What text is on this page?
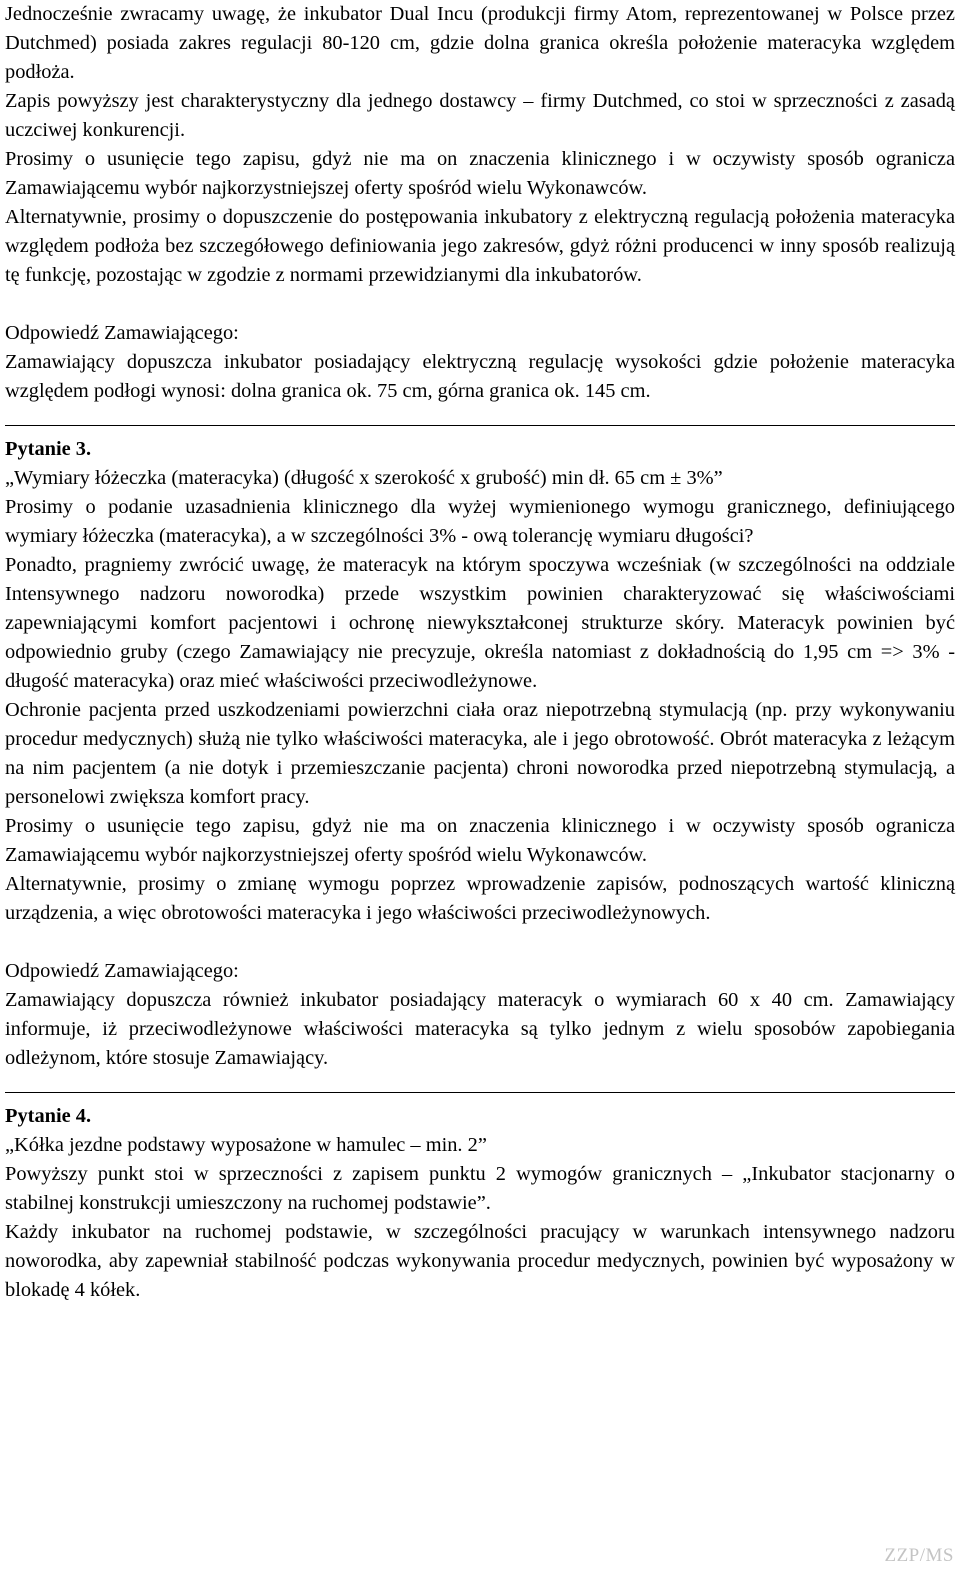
Jednocześnie zwracamy uwagę, że inkubator Dual Incu (produkcji firmy Atom, reprezentowanej w Polsce przez Dutchmed) posiada zakres regulacji 80-120 cm, gdzie dolna granica określa położenie materacyka względem podłoża.

Zapis powyższy jest charakterystyczny dla jednego dostawcy – firmy Dutchmed, co stoi w sprzeczności z zasadą uczciwej konkurencji.

Prosimy o usunięcie tego zapisu, gdyż nie ma on znaczenia klinicznego i w oczywisty sposób ogranicza Zamawiającemu wybór najkorzystniejszej oferty spośród wielu Wykonawców.

Alternatywnie, prosimy o dopuszczenie do postępowania inkubatory z elektryczną regulacją położenia materacyka względem podłoża bez szczegółowego definiowania jego zakresów, gdyż różni producenci w inny sposób realizują tę funkcję, pozostając w zgodzie z normami przewidzianymi dla inkubatorów.

Odpowiedź Zamawiającego:

Zamawiający dopuszcza inkubator posiadający elektryczną regulację wysokości gdzie położenie materacyka względem podłogi wynosi: dolna granica ok. 75 cm, górna granica ok. 145 cm.

Pytanie 3.

„Wymiary łóżeczka (materacyka) (długość x szerokość x grubość) min dł. 65 cm ± 3%”

Prosimy o podanie uzasadnienia klinicznego dla wyżej wymienionego wymogu granicznego, definiującego wymiary łóżeczka (materacyka), a w szczególności 3% - ową tolerancję wymiaru długości?

Ponadto, pragniemy zwrócić uwagę, że materacyk na którym spoczywa wcześniak (w szczególności na oddziale Intensywnego nadzoru noworodka) przede wszystkim powinien charakteryzować się właściwościami zapewniającymi komfort pacjentowi i ochronę niewykształconej strukturze skóry. Materacyk powinien być odpowiednio gruby (czego Zamawiający nie precyzuje, określa natomiast z dokładnością do 1,95 cm => 3% - długość materacyka) oraz mieć właściwości przeciwodleżynowe.

Ochronie pacjenta przed uszkodzeniami powierzchni ciała oraz niepotrzebną stymulacją (np. przy wykonywaniu procedur medycznych) służą nie tylko właściwości materacyka, ale i jego obrotowość. Obrót materacyka z leżącym na nim pacjentem (a nie dotyk i przemieszczanie pacjenta) chroni noworodka przed niepotrzebną stymulacją, a personelowi zwiększa komfort pracy.

Prosimy o usunięcie tego zapisu, gdyż nie ma on znaczenia klinicznego i w oczywisty sposób ogranicza Zamawiającemu wybór najkorzystniejszej oferty spośród wielu Wykonawców.

Alternatywnie, prosimy o zmianę wymogu poprzez wprowadzenie zapisów, podnoszących wartość kliniczną urządzenia, a więc obrotowości materacyka i jego właściwości przeciwodleżynowych.

Odpowiedź Zamawiającego:

Zamawiający dopuszcza również inkubator posiadający materacyk o wymiarach 60 x 40 cm. Zamawiający informuje, iż przeciwodleżynowe właściwości materacyka są tylko jednym z wielu sposobów zapobiegania odleżynom, które stosuje Zamawiający.

Pytanie 4.

„Kółka jezdne podstawy wyposażone w hamulec – min. 2”

Powyższy punkt stoi w sprzeczności z zapisem punktu 2 wymogów granicznych – „Inkubator stacjonarny o stabilnej konstrukcji umieszczony na ruchomej podstawie”.

Każdy inkubator na ruchomej podstawie, w szczególności pracujący w warunkach intensywnego nadzoru noworodka, aby zapewniał stabilność podczas wykonywania procedur medycznych, powinien być wyposażony w blokadę 4 kółek.

ZZP/MS
